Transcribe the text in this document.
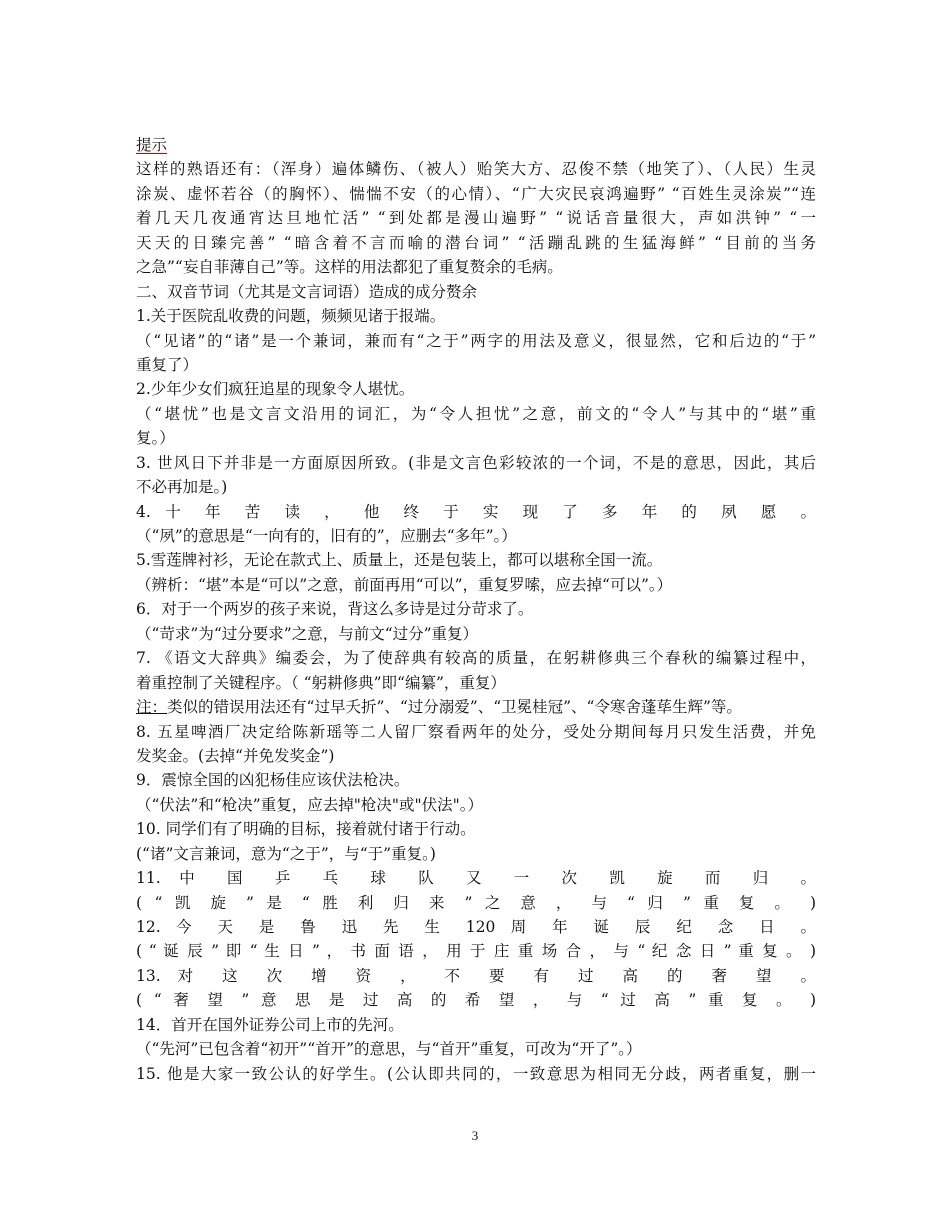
提示
这样的熟语还有：（浑身）遍体鳞伤、（被人）贻笑大方、忍俊不禁（地笑了）、（人民）生灵
涂炭、虚怀若谷（的胸怀）、惴惴不安（的心情）、“广大灾民哀鸿遍野” “百姓生灵涂炭”“连
着几天几夜通宵达旦地忙活” “到处都是漫山遍野” “说话音量很大，声如洪钟” “一
天天的日臻完善” “暗含着不言而喻的潜台词” “活蹦乱跳的生猛海鲜” “目前的当务
之急”“妄自菲薄自己”等。这样的用法都犯了重复赘余的毛病。
二、双音节词（尤其是文言词语）造成的成分赘余
1.关于医院乱收费的问题，频频见诸于报端。
（“见诸”的“诸”是一个兼词，兼而有“之于”两字的用法及意义，很显然，它和后边的“于”
重复了）
2.少年少女们疯狂追星的现象令人堪忧。
（“堪忧”也是文言文沿用的词汇，为“令人担忧”之意，前文的“令人”与其中的“堪”重
复。）
3. 世风日下并非是一方面原因所致。(非是文言色彩较浓的一个词，不是的意思，因此，其后
不必再加是。)
4. 十 年 苦 读 ， 他 终 于 实 现 了 多 年 的 夙 愿 。
（“夙”的意思是“一向有的，旧有的”，应删去“多年”。）
5.雪莲牌衬衫，无论在款式上、质量上，还是包装上，都可以堪称全国一流。
（辨析：“堪”本是“可以”之意，前面再用“可以”，重复罗嗦，应去掉“可以”。）
6．对于一个两岁的孩子来说，背这么多诗是过分苛求了。
（“苛求”为“过分要求”之意，与前文“过分”重复）
7. 《语文大辞典》编委会，为了使辞典有较高的质量，在躬耕修典三个春秋的编纂过程中，
着重控制了关键程序。（ “躬耕修典”即“编纂”，重复）
注：类似的错误用法还有“过早夭折”、“过分溺爱”、“卫冕桂冠”、“令寒舍蓬荜生辉”等。
8. 五星啤酒厂决定给陈新瑶等二人留厂察看两年的处分，受处分期间每月只发生活费，并免
发奖金。(去掉“并免发奖金”)
9．震惊全国的凶犯杨佳应该伏法枪决。
（“伏法”和“枪决”重复，应去掉"枪决"或"伏法"。）
10. 同学们有了明确的目标，接着就付诸于行动。
(“诸”文言兼词，意为“之于”，与“于”重复。)
11. 中 国 乒 乓 球 队 又 一 次 凯 旋 而 归 。
( “ 凯 旋 ” 是 “ 胜 利 归 来 ” 之 意 ， 与 “ 归 ” 重 复 。 )
12. 今 天 是 鲁 迅 先 生 120 周 年 诞 辰 纪 念 日 。
( “ 诞 辰 ” 即 “ 生 日 ” ， 书 面 语 ， 用 于 庄 重 场 合 ， 与 “ 纪 念 日 ” 重 复 。 )
13. 对 这 次 增 资 ， 不 要 有 过 高 的 奢 望 。
( “ 奢 望 ” 意 思 是 过 高 的 希 望 ， 与 “ 过 高 ” 重 复 。 )
14．首开在国外证券公司上市的先河。
（“先河”已包含着“初开”“首开”的意思，与“首开”重复，可改为“开了”。）
15. 他是大家一致公认的好学生。(公认即共同的，一致意思为相同无分歧，两者重复，删一
3
